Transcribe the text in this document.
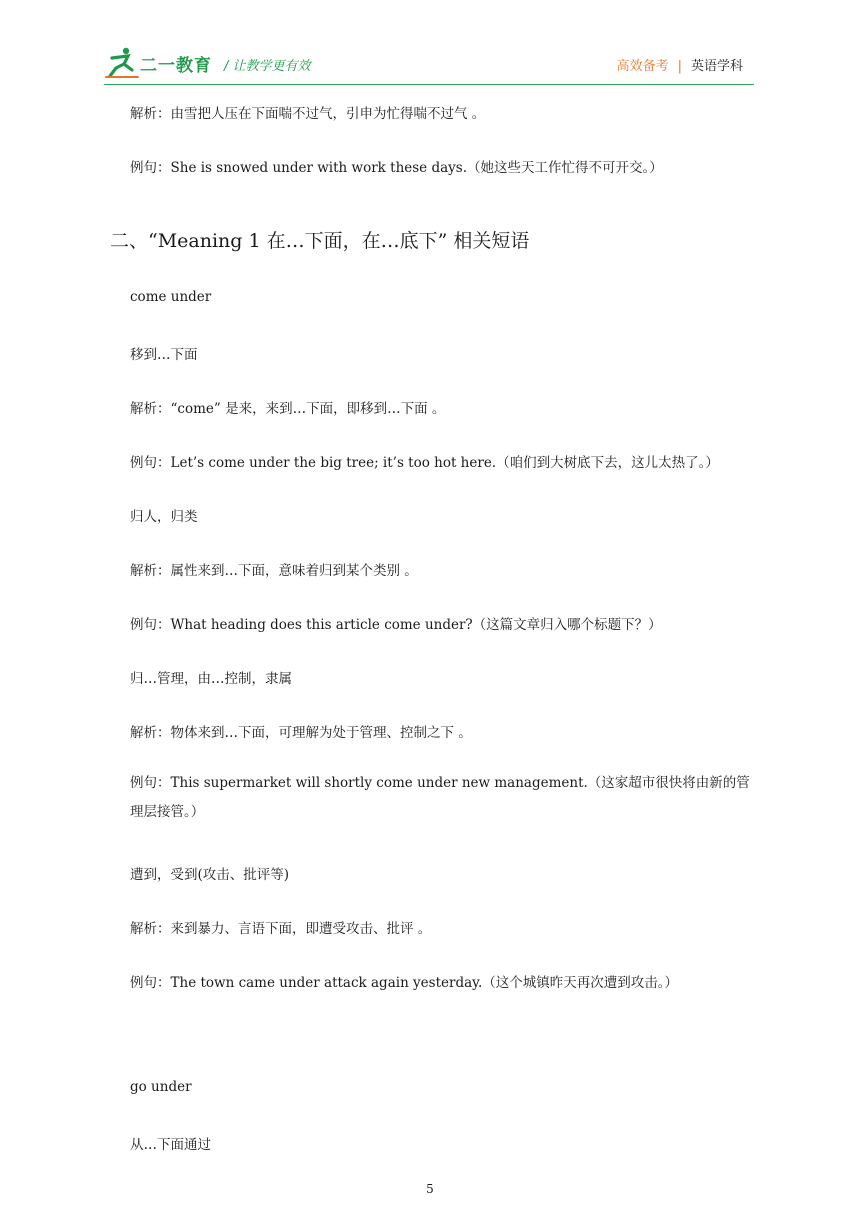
二一教育 / 让教学更有效	高效备考 | 英语学科
解析：由雪把人压在下面喘不过气，引申为忙得喘不过气 。
例句：She is snowed under with work these days.（她这些天工作忙得不可开交。）
二、“Meaning 1 在…下面，在…底下” 相关短语
come under
移到…下面
解析：“come” 是来，来到…下面，即移到…下面 。
例句：Let’s come under the big tree; it’s too hot here.（咱们到大树底下去，这儿太热了。）
归人，归类
解析：属性来到…下面，意味着归到某个类别 。
例句：What heading does this article come under?（这篇文章归入哪个标题下？）
归…管理，由…控制，隶属
解析：物体来到…下面，可理解为处于管理、控制之下 。
例句：This supermarket will shortly come under new management.（这家超市很快将由新的管理层接管。）
遭到，受到(攻击、批评等)
解析：来到暴力、言语下面，即遭受攻击、批评 。
例句：The town came under attack again yesterday.（这个城镇昨天再次遭到攻击。）
go under
从…下面通过
5
